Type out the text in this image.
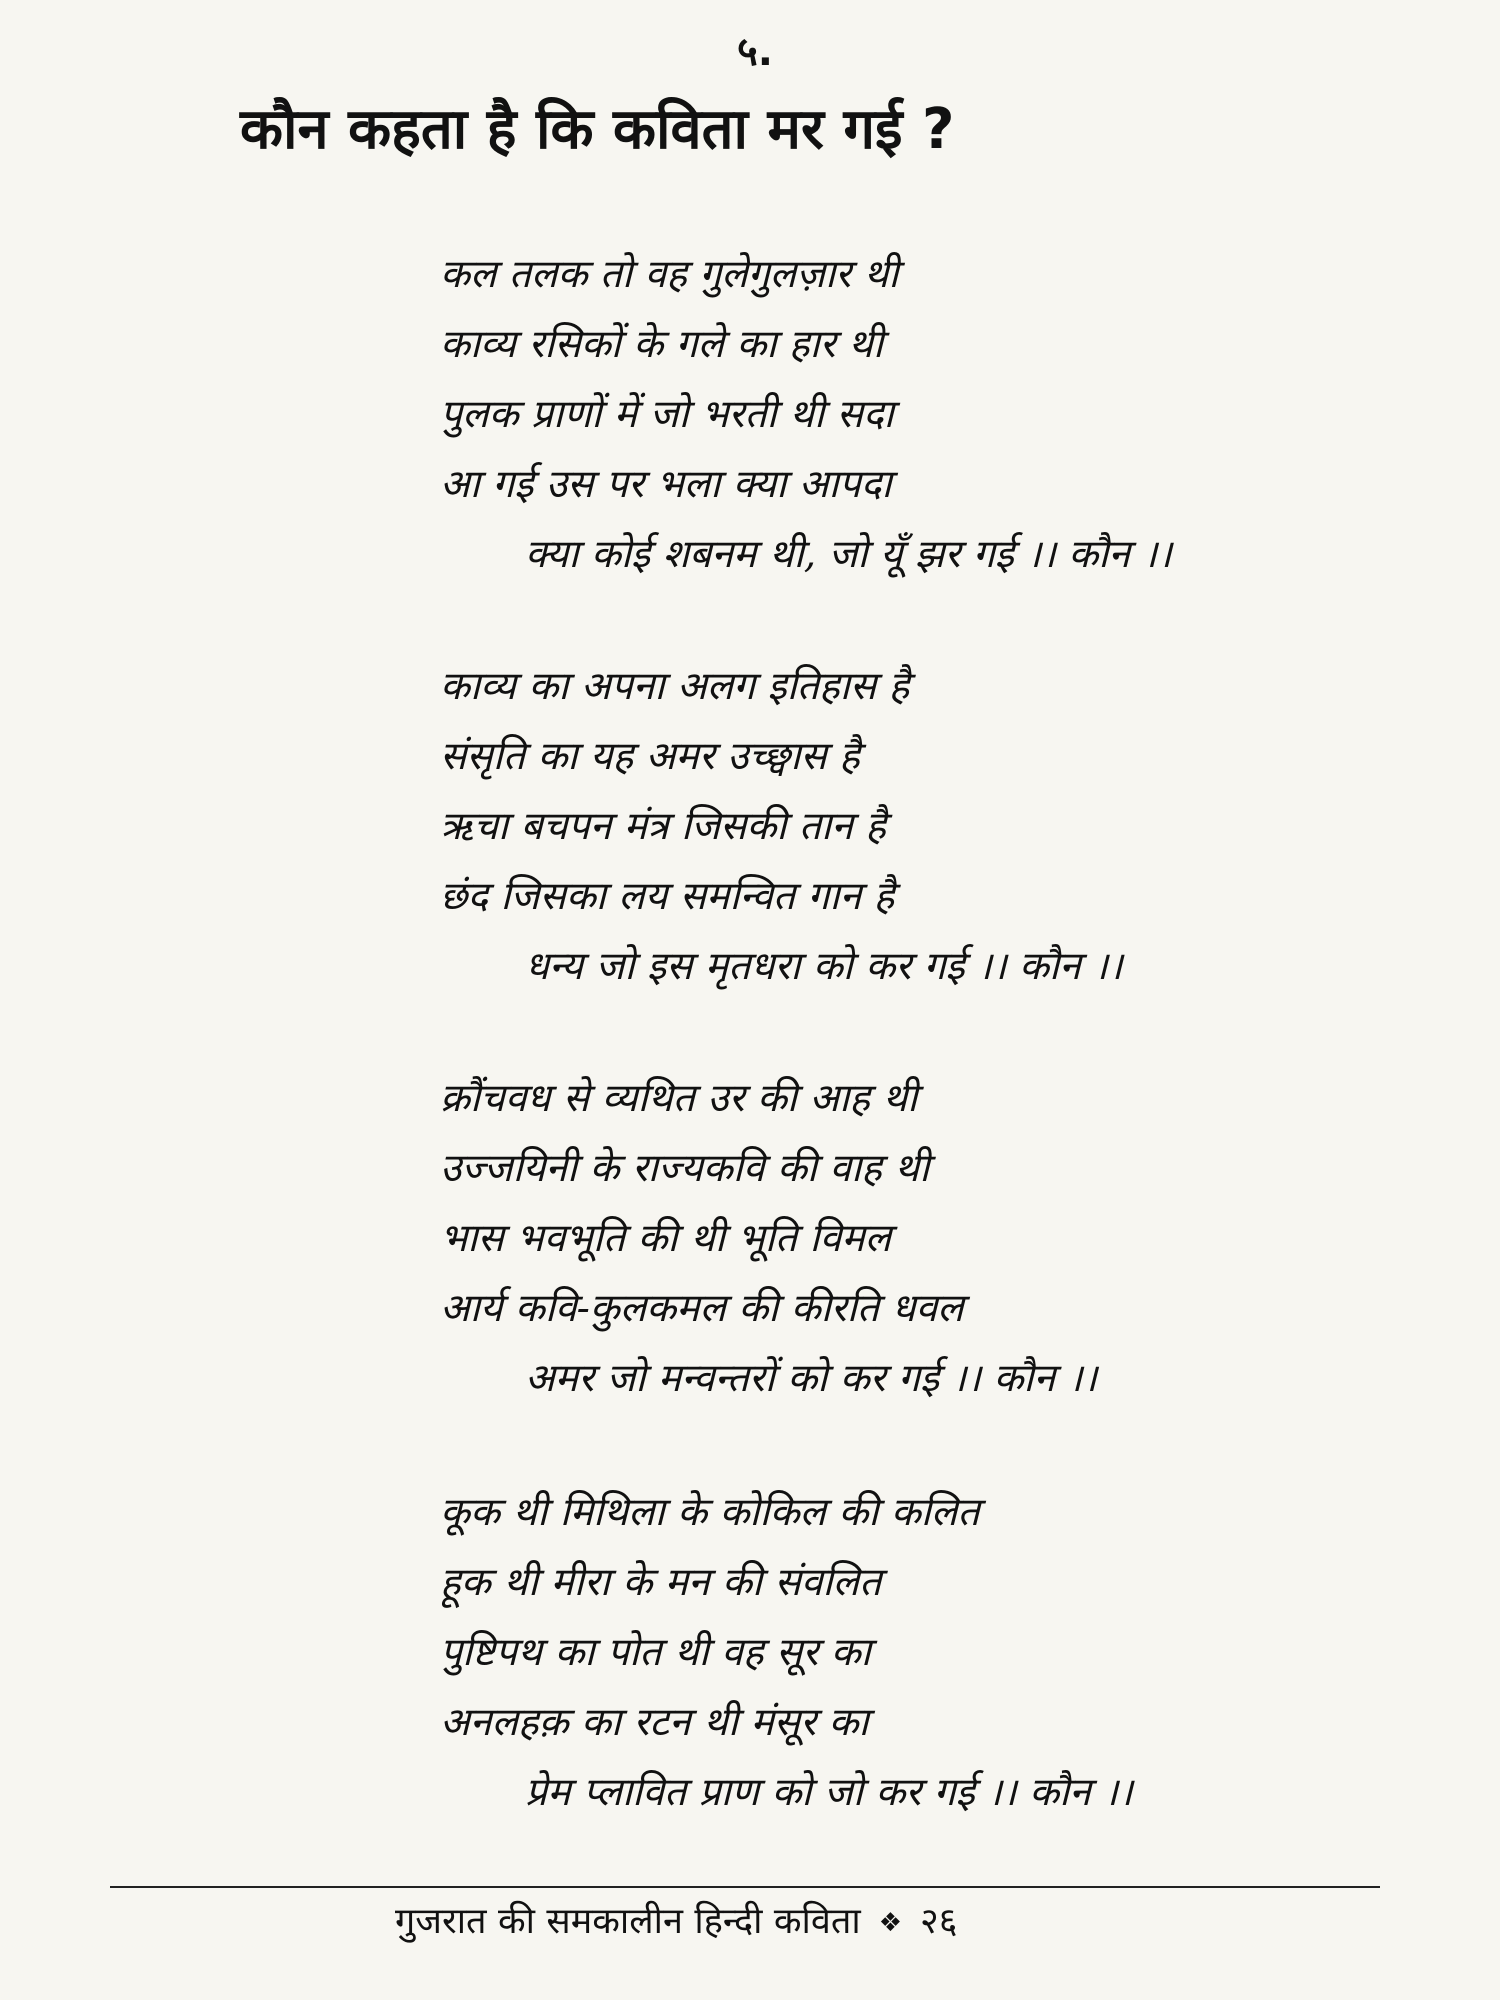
५.
कौन कहता है कि कविता मर गई ?
कल तलक तो वह गुलेगुलज़ार थी
काव्य रसिकों के गले का हार थी
पुलक प्राणों में जो भरती थी सदा
आ गई उस पर भला क्या आपदा
क्या कोई शबनम थी, जो यूँ झर गई ।। कौन ।।
काव्य का अपना अलग इतिहास है
संसृति का यह अमर उच्छ्वास है
ऋचा बचपन मंत्र जिसकी तान है
छंद जिसका लय समन्वित गान है
धन्य जो इस मृतधरा को कर गई ।। कौन ।।
क्रौंचवध से व्यथित उर की आह थी
उज्जयिनी के राज्यकवि की वाह थी
भास भवभूति की थी भूति विमल
आर्य कवि-कुलकमल की कीरति धवल
अमर जो मन्वन्तरों को कर गई ।। कौन ।।
कूक थी मिथिला के कोकिल की कलित
हूक थी मीरा के मन की संवलित
पुष्टिपथ का पोत थी वह सूर का
अनलहक़ का रटन थी मंसूर का
प्रेम प्लावित प्राण को जो कर गई ।। कौन ।।
गुजरात की समकालीन हिन्दी कविता ❖ २६
